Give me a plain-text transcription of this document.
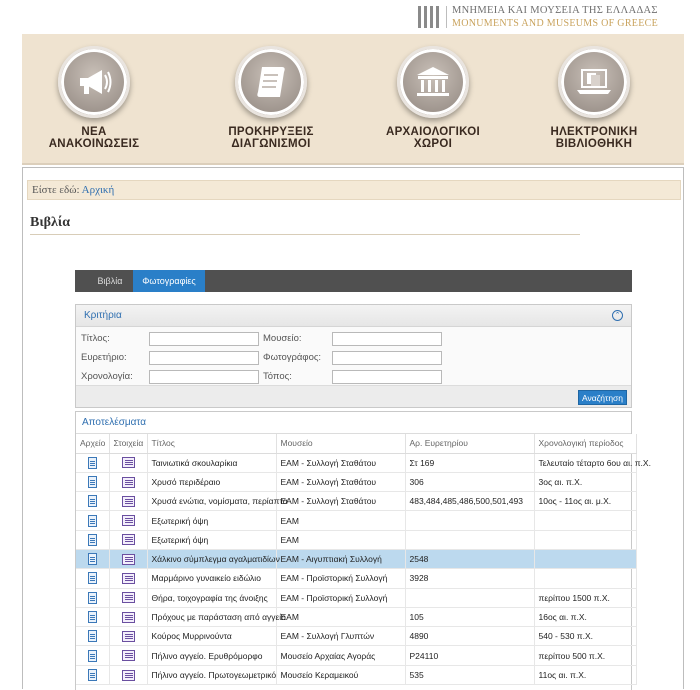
ΜΝΗΜΕΙΑ ΚΑΙ ΜΟΥΣΕΙΑ ΤΗΣ ΕΛΛΑΔΑΣ
MONUMENTS AND MUSEUMS OF GREECE
ΝΕΑ
ΑΝΑΚΟΙΝΩΣΕΙΣ
ΠΡΟΚΗΡΥΞΕΙΣ
ΔΙΑΓΩΝΙΣΜΟΙ
ΑΡΧΑΙΟΛΟΓΙΚΟΙ
ΧΩΡΟΙ
ΗΛΕΚΤΡΟΝΙΚΗ
ΒΙΒΛΙΟΘΗΚΗ
Είστε εδώ: Αρχική
Βιβλία
Βιβλία	Φωτογραφίες
Κριτήρια	⌃
Τίτλος:	Μουσείο:
Ευρετήριο:	Φωτογράφος:
Χρονολογία:	Τόπος:
Αναζήτηση
Αποτελέσματα
Αρχείο	Στοιχεία	Τίτλος	Μουσείο	Αρ. Ευρετηρίου	Χρονολογική περίοδος

	Ταινιωτικά σκουλαρίκια	ΕΑΜ - Συλλογή Σταθάτου	Στ 169	Τελευταίο τέταρτο 6ου αι. π.Χ.

	Χρυσό περιδέραιο	ΕΑΜ - Συλλογή Σταθάτου	306	3ος αι. π.Χ.

	Χρυσά ενώτια, νομίσματα, περίαπτα	ΕΑΜ - Συλλογή Σταθάτου	483,484,485,486,500,501,493	10ος - 11ος αι. μ.Χ.

	Εξωτερική όψη	ΕΑΜ		

	Εξωτερική όψη	ΕΑΜ		

	Χάλκινο σύμπλεγμα αγαλματιδίων	ΕΑΜ - Αιγυπτιακή Συλλογή	2548	

	Μαρμάρινο γυναικείο ειδώλιο	ΕΑΜ - Προϊστορική Συλλογή	3928	

	Θήρα, τοιχογραφία της άνοιξης	ΕΑΜ - Προϊστορική Συλλογή		περίπου 1500 π.Χ.

	Πρόχους με παράσταση από αγγείο	ΕΑΜ	105	16ος αι. π.Χ.

	Κούρος Μυρρινούντα	ΕΑΜ - Συλλογή Γλυπτών	4890	540 - 530 π.Χ.

	Πήλινο αγγείο. Ερυθρόμορφο	Μουσείο Αρχαίας Αγοράς	P24110	περίπου 500 π.Χ.

	Πήλινο αγγείο. Πρωτογεωμετρικό	Μουσείο Κεραμεικού	535	11ος αι. π.Χ.
